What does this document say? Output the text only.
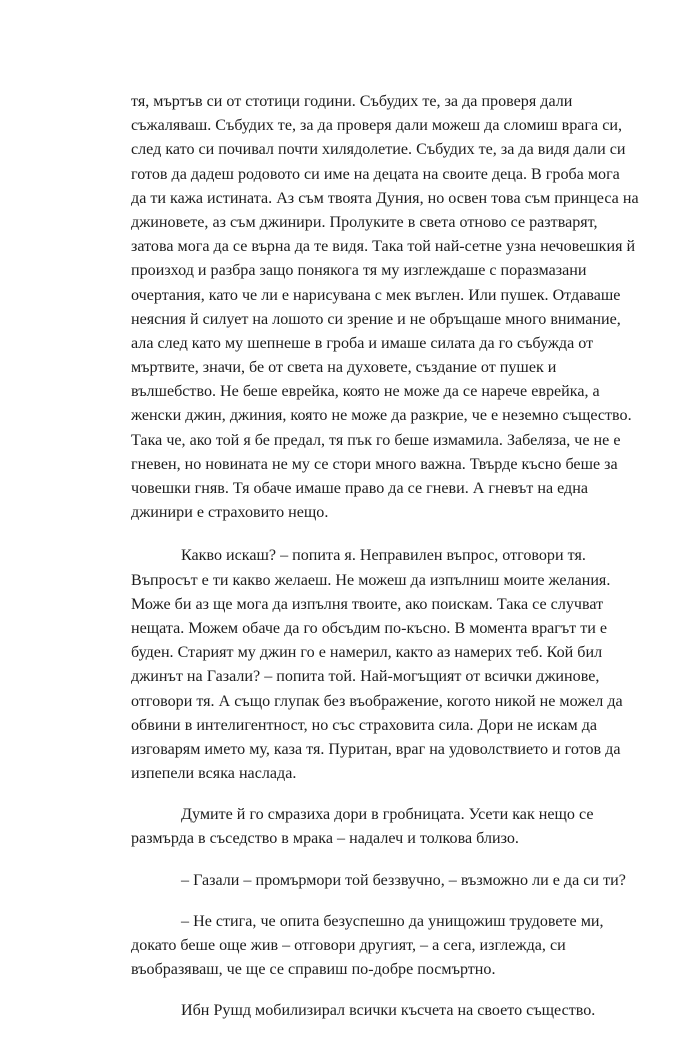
тя, мъртъв си от стотици години. Събудих те, за да проверя дали
съжаляваш. Събудих те, за да проверя дали можеш да сломиш врага си,
след като си почивал почти хилядолетие. Събудих те, за да видя дали си
готов да дадеш родовото си име на децата на своите деца. В гроба мога
да ти кажа истината. Аз съм твоята Дуния, но освен това съм принцеса на
джиновете, аз съм джинири. Пролуките в света отново се разтварят,
затова мога да се върна да те видя. Така той най-сетне узна нечовешкия й
произход и разбра защо понякога тя му изглеждаше с поразмазани
очертания, като че ли е нарисувана с мек въглен. Или пушек. Отдаваше
неясния й силует на лошото си зрение и не обръщаше много внимание,
ала след като му шепнеше в гроба и имаше силата да го събужда от
мъртвите, значи, бе от света на духовете, създание от пушек и
вълшебство. Не беше еврейка, която не може да се нарече еврейка, а
женски джин, джиния, която не може да разкрие, че е неземно същество.
Така че, ако той я бе предал, тя пък го беше измамила. Забеляза, че не е
гневен, но новината не му се стори много важна. Твърде късно беше за
човешки гняв. Тя обаче имаше право да се гневи. А гневът на една
джинири е страховито нещо.
Какво искаш? – попита я. Неправилен въпрос, отговори тя.
Въпросът е ти какво желаеш. Не можеш да изпълниш моите желания.
Може би аз ще мога да изпълня твоите, ако поискам. Така се случват
нещата. Можем обаче да го обсъдим по-късно. В момента врагът ти е
буден. Старият му джин го е намерил, както аз намерих теб. Кой бил
джинът на Газали? – попита той. Най-могъщият от всички джинове,
отговори тя. А също глупак без въображение, когото никой не можел да
обвини в интелигентност, но със страховита сила. Дори не искам да
изговарям името му, каза тя. Пуритан, враг на удоволствието и готов да
изпепели всяка наслада.
Думите й го смразиха дори в гробницата. Усети как нещо се
размърда в съседство в мрака – надалеч и толкова близо.
– Газали – промърмори той беззвучно, – възможно ли е да си ти?
– Не стига, че опита безуспешно да унищожиш трудовете ми,
докато беше още жив – отговори другият, – а сега, изглежда, си
въобразяваш, че ще се справиш по-добре посмъртно.
Ибн Рушд мобилизирал всички късчета на своето същество.
